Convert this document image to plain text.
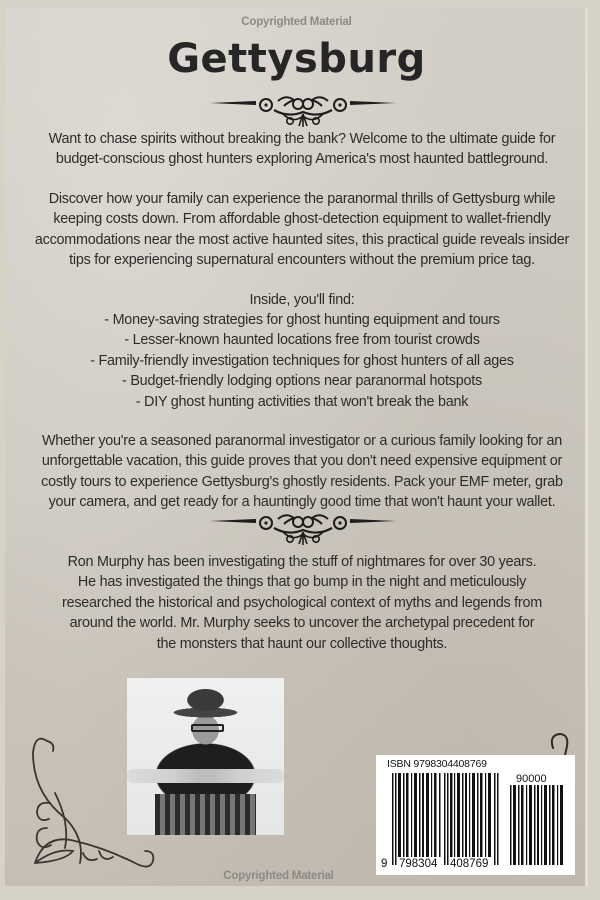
Copyrighted Material
Gettysburg

Want to chase spirits without breaking the bank? Welcome to the ultimate guide for

budget-conscious ghost hunters exploring America's most haunted battleground.

Discover how your family can experience the paranormal thrills of Gettysburg while

keeping costs down. From affordable ghost-detection equipment to wallet-friendly

accommodations near the most active haunted sites, this practical guide reveals insider

tips for experiencing supernatural encounters without the premium price tag.

Inside, you'll find:
- Money-saving strategies for ghost hunting equipment and tours
- Lesser-known haunted locations free from tourist crowds
- Family-friendly investigation techniques for ghost hunters of all ages
- Budget-friendly lodging options near paranormal hotspots
- DIY ghost hunting activities that won't break the bank

Whether you're a seasoned paranormal investigator or a curious family looking for an

unforgettable vacation, this guide proves that you don't need expensive equipment or

costly tours to experience Gettysburg's ghostly residents. Pack your EMF meter, grab

your camera, and get ready for a hauntingly good time that won't haunt your wallet.

Ron Murphy has been investigating the stuff of nightmares for over 30 years.

He has investigated the things that go bump in the night and meticulously

researched the historical and psychological context of myths and legends from

around the world. Mr. Murphy seeks to uncover the archetypal precedent for

the monsters that haunt our collective thoughts.

ISBN 9798304408769
90000
9 798304 408769
Copyrighted Material
